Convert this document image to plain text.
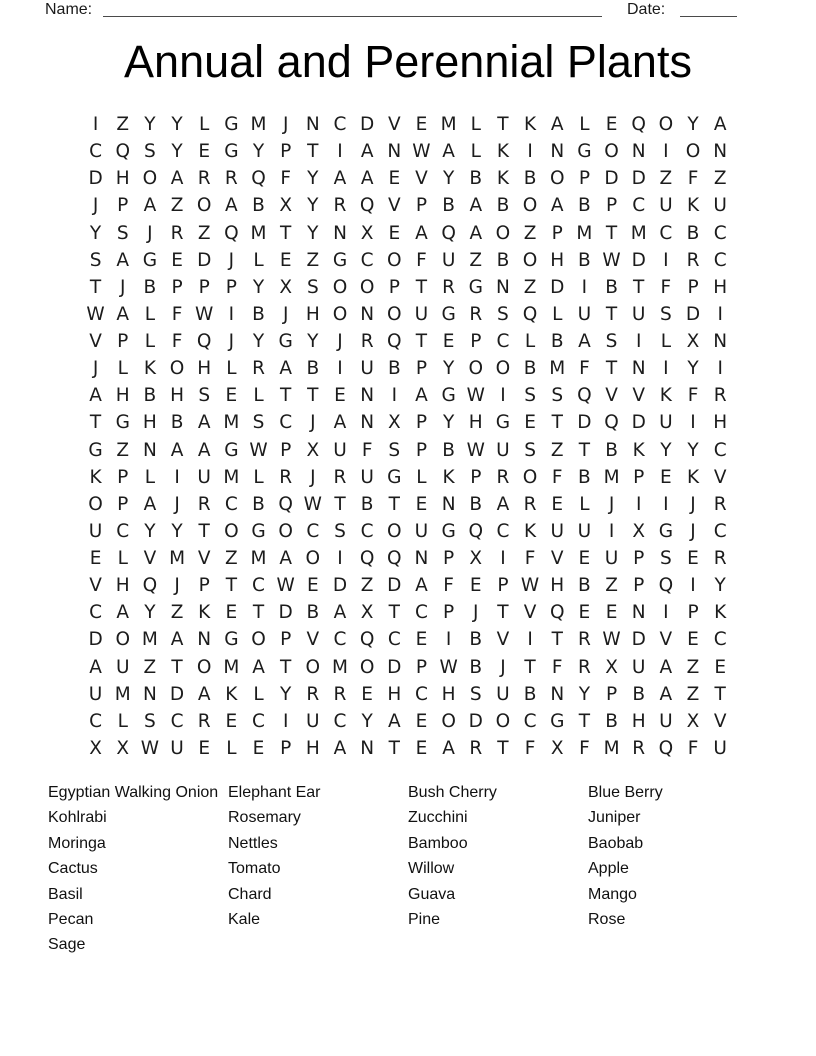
Name:	Date:
Annual and Perennial Plants
I Z Y Y L G M J N C D V E M L T K A L E Q O Y A
C Q S Y E G Y P T	I A N W A L K I N G O N I O N
D H O A R R Q F Y A A E V Y B K B O P D D Z F Z
J	P A Z O A B X Y R Q V P B A B O A B P C U K U
Y S	J R Z Q M T Y N X E A Q A O Z P M T M C B C
S A G E D J	L E Z G C O F U Z B O H B W D I R C
T	J B P P P Y X S O O P T R G N Z D I B T F P H
W A L F W I B J H O N O U G R S Q L U T U S D I
V P L F Q J	Y G Y	J R Q T E P C L B A S	I	L X N
J	L K O H L R A B I U B P Y O O B M F T N I	Y	I
A H B H S E L T T E N I A G W I	S S Q V V K F R
T G H B A M S C J A N X P Y H G E T D Q D U I H
G Z N A A G W P X U F S P B W U S Z T B K Y Y C
K P L	I U M L R J R U G L K P R O F B M P E K V
O P A J R C B Q W T B T E N B A R E L	J	I	I	J R
U C Y Y T O G O C S C O U G Q C K U U I X G J C
E L V M V Z M A O I Q Q N P X I	F V E U P S E R
V H Q J	P T C W E D Z D A F E P W H B Z P Q I	Y
C A Y Z K E T D B A X T C P	J	T V Q E E N I	P K
D O M A N G O P V C Q C E	I B V I	T R W D V E C
A U Z T O M A T O M O D P W B J	T F R X U A Z E
U M N D A K L Y R R E H C H S U B N Y P B A Z T
C L S C R E C I U C Y A E O D O C G T B H U X V
X X W U E L E P H A N T E A R T F X F M R Q F U
Egyptian Walking Onion
Kohlrabi
Moringa
Cactus
Basil
Pecan
Sage
Elephant Ear
Rosemary
Nettles
Tomato
Chard
Kale
Bush Cherry
Zucchini
Bamboo
Willow
Guava
Pine
Blue Berry
Juniper
Baobab
Apple
Mango
Rose
